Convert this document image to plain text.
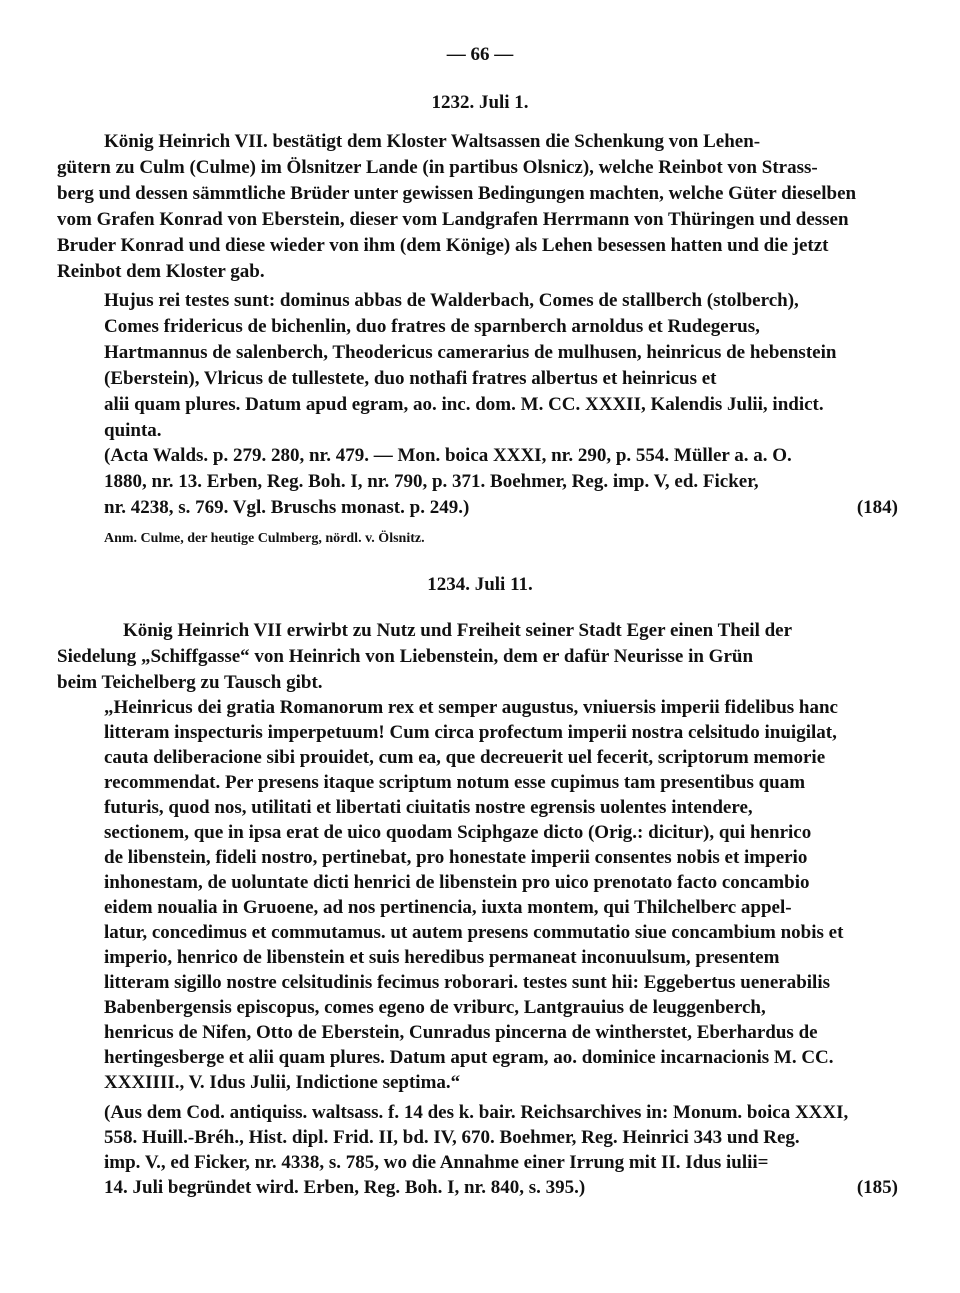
— 66 —
1232. Juli 1.
König Heinrich VII. bestätigt dem Kloster Waltsassen die Schenkung von Lehen-
gütern zu Culm (Culme) im Ölsnitzer Lande (in partibus Olsnicz), welche Reinbot von Strass-
berg und dessen sämmtliche Brüder unter gewissen Bedingungen machten, welche Güter dieselben
vom Grafen Konrad von Eberstein, dieser vom Landgrafen Herrmann von Thüringen und dessen
Bruder Konrad und diese wieder von ihm (dem Könige) als Lehen besessen hatten und die jetzt
Reinbot dem Kloster gab.
Hujus rei testes sunt: dominus abbas de Walderbach, Comes de stallberch (stolberch),
Comes fridericus de bichenlin, duo fratres de sparnberch arnoldus et Rudegerus,
Hartmannus de salenberch, Theodericus camerarius de mulhusen, heinricus de hebenstein
(Eberstein), Vlricus de tullestete, duo nothafi fratres albertus et heinricus et
alii quam plures. Datum apud egram, ao. inc. dom. M. CC. XXXII, Kalendis Julii, indict.
quinta.
(Acta Walds. p. 279. 280, nr. 479. — Mon. boica XXXI, nr. 290, p. 554. Müller a. a. O.
1880, nr. 13. Erben, Reg. Boh. I, nr. 790, p. 371. Boehmer, Reg. imp. V, ed. Ficker,
nr. 4238, s. 769. Vgl. Bruschs monast. p. 249.)	(184)
Anm. Culme, der heutige Culmberg, nördl. v. Ölsnitz.
1234. Juli 11.
König Heinrich VII erwirbt zu Nutz und Freiheit seiner Stadt Eger einen Theil der
Siedelung „Schiffgasse“ von Heinrich von Liebenstein, dem er dafür Neurisse in Grün
beim Teichelberg zu Tausch gibt.
„Heinricus dei gratia Romanorum rex et semper augustus, vniuersis imperii fidelibus hanc
litteram inspecturis imperpetuum! Cum circa profectum imperii nostra celsitudo inuigilat,
cauta deliberacione sibi prouidet, cum ea, que decreuerit uel fecerit, scriptorum memorie
recommendat. Per presens itaque scriptum notum esse cupimus tam presentibus quam
futuris, quod nos, utilitati et libertati ciuitatis nostre egrensis uolentes intendere,
sectionem, que in ipsa erat de uico quodam Sciphgaze dicto (Orig.: dicitur), qui henrico
de libenstein, fideli nostro, pertinebat, pro honestate imperii consentes nobis et imperio
inhonestam, de uoluntate dicti henrici de libenstein pro uico prenotato facto concambio
eidem noualia in Gruoene, ad nos pertinencia, iuxta montem, qui Thilchelberc appel-
latur, concedimus et commutamus. ut autem presens commutatio siue concambium nobis et
imperio, henrico de libenstein et suis heredibus permaneat inconuulsum, presentem
litteram sigillo nostre celsitudinis fecimus roborari. testes sunt hii: Eggebertus uenerabilis
Babenbergensis episcopus, comes egeno de vriburc, Lantgrauius de leuggenberch,
henricus de Nifen, Otto de Eberstein, Cunradus pincerna de wintherstet, Eberhardus de
hertingesberge et alii quam plures. Datum aput egram, ao. dominice incarnacionis M. CC.
XXXIIII., V. Idus Julii, Indictione septima.“
(Aus dem Cod. antiquiss. waltsass. f. 14 des k. bair. Reichsarchives in: Monum. boica XXXI,
558. Huill.-Bréh., Hist. dipl. Frid. II, bd. IV, 670. Boehmer, Reg. Heinrici 343 und Reg.
imp. V., ed Ficker, nr. 4338, s. 785, wo die Annahme einer Irrung mit II. Idus iulii=
14. Juli begründet wird. Erben, Reg. Boh. I, nr. 840, s. 395.)	(185)
